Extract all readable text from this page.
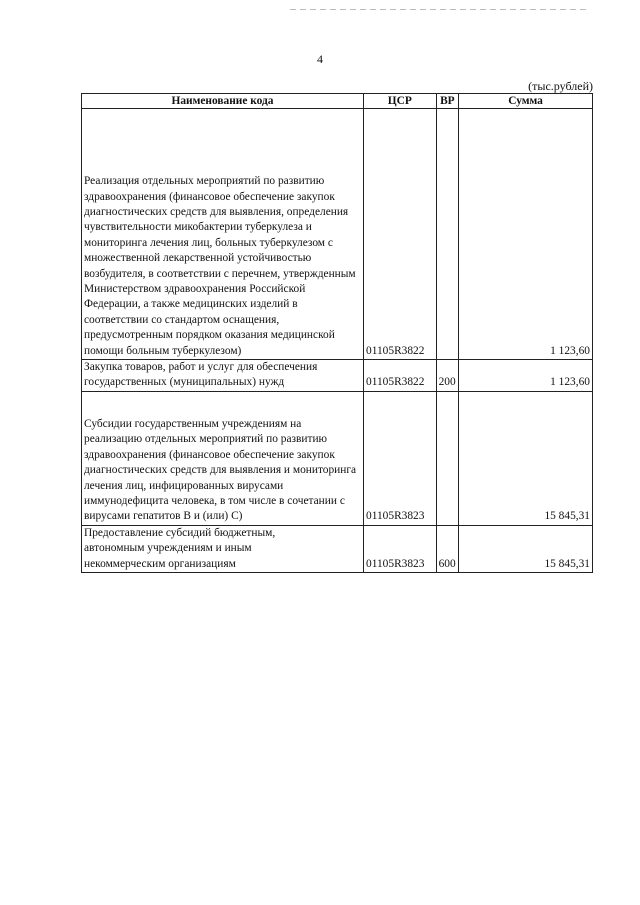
4
(тыс.рублей)
Наименование кода	ЦСР	ВР	Сумма
Реализация отдельных мероприятий по развитию здравоохранения (финансовое обеспечение закупок диагностических средств для выявления, определения чувствительности микобактерии туберкулеза и мониторинга лечения лиц, больных туберкулезом с множественной лекарственной устойчивостью возбудителя, в соответствии с перечнем, утвержденным Министерством здравоохранения Российской Федерации, а также медицинских изделий в соответствии со стандартом оснащения, предусмотренным порядком оказания медицинской помощи больным туберкулезом)	01105R3822		1 123,60
Закупка товаров, работ и услуг для обеспечения государственных (муниципальных) нужд	01105R3822	200	1 123,60
Субсидии государственным учреждениям на реализацию отдельных мероприятий по развитию здравоохранения (финансовое обеспечение закупок диагностических средств для выявления и мониторинга лечения лиц, инфицированных вирусами иммунодефицита человека, в том числе в сочетании с вирусами гепатитов В и (или) С)	01105R3823		15 845,31
Предоставление субсидий бюджетным, автономным учреждениям и иным некоммерческим организациям	01105R3823	600	15 845,31
